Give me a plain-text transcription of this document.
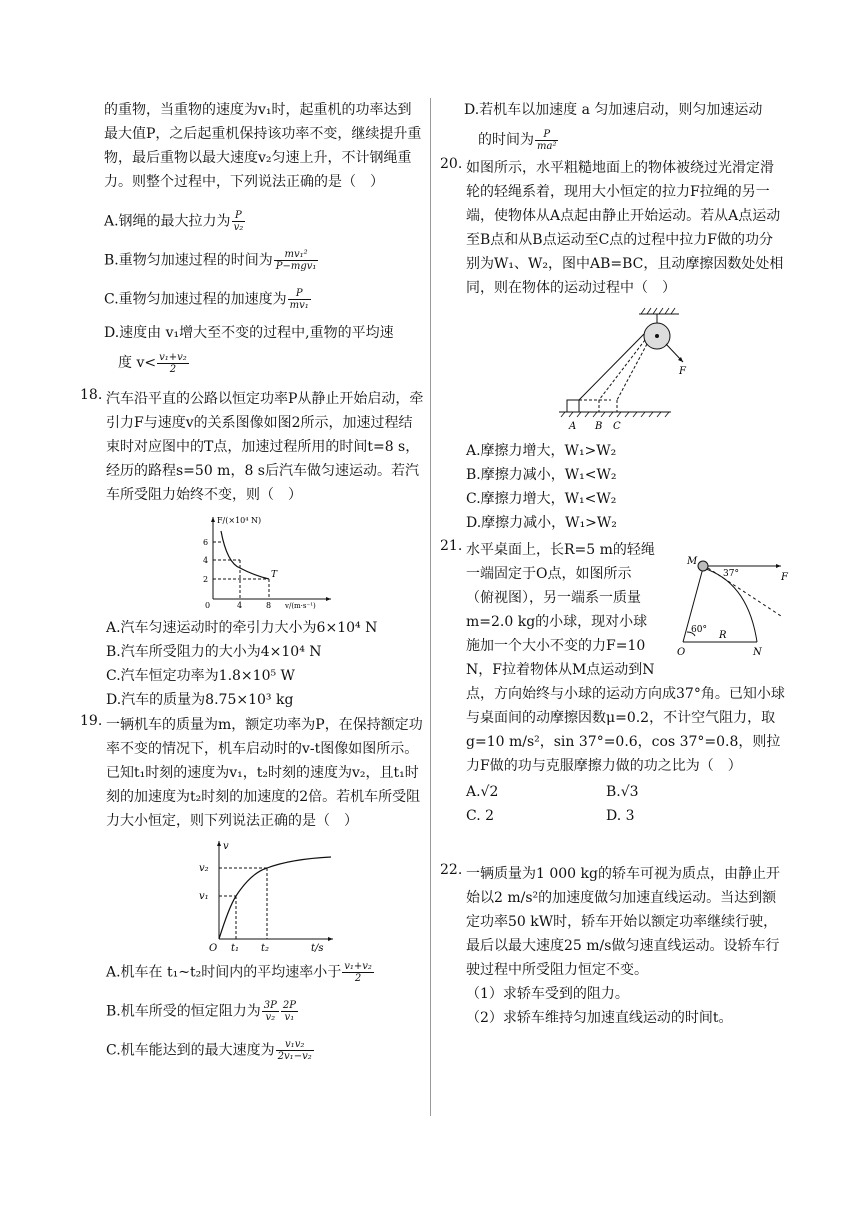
的重物，当重物的速度为v₁时，起重机的功率达到最大值P，之后起重机保持该功率不变，继续提升重物，最后重物以最大速度v₂匀速上升，不计钢绳重力。则整个过程中，下列说法正确的是（　）

A.钢绳的最大拉力为 $\frac{P}{\text{v₂}}$

B.重物匀加速过程的时间为 $\frac{\text{mv₁²}}{\text{P−mgv₁}}$

C.重物匀加速过程的加速度为 $\frac{P}{\text{mv₁}}$

D.速度由 v₁增大至不变的过程中,重物的平均速

度 $v< \frac{\text{v₁+v₂}}{2}$

18. 汽车沿平直的公路以恒定功率P从静止开始启动，牵引力F与速度v的关系图像如图2所示，加速过程结束时对应图中的T点，加速过程所用的时间t=8 s，经历的路程s=50 m，8 s后汽车做匀速运动。若汽车所受阻力始终不变，则（　）

F/(×10⁴ N)
v/(m·s⁻¹)
6
4
2
0	4	8
T

A.汽车匀速运动时的牵引力大小为6×10⁴ N

B.汽车所受阻力的大小为4×10⁴ N

C.汽车恒定功率为1.8×10⁵ W

D.汽车的质量为8.75×10³ kg

19. 一辆机车的质量为m，额定功率为P，在保持额定功率不变的情况下，机车启动时的v-t图像如图所示。已知t₁时刻的速度为v₁，t₂时刻的速度为v₂，且t₁时刻的加速度为t₂时刻的加速度的2倍。若机车所受阻力大小恒定，则下列说法正确的是（　）

v
t/s
O
v₂
v₁
t₁ t₂

A.机车在 t₁~t₂时间内的平均速率小于 $\frac{\text{v₁+v₂}}{2}$

B.机车所受的恒定阻力为 $\frac{3P}{\text{v₂}} \frac{2P}{\text{v₁}}$

C.机车能达到的最大速度为 $\frac{\text{v₁v₂}}{\text{2v₁−v₂}}$

D.若机车以加速度 a 匀加速启动，则匀加速运动

的时间为 $\frac{P}{\text{ma²}}$

20. 如图所示，水平粗糙地面上的物体被绕过光滑定滑轮的轻绳系着，现用大小恒定的拉力F拉绳的另一端，使物体从A点起由静止开始运动。若从A点运动至B点和从B点运动至C点的过程中拉力F做的功分别为W₁、W₂，图中AB=BC，且动摩擦因数处处相同，则在物体的运动过程中（　）

F
A B C

A.摩擦力增大，W₁>W₂

B.摩擦力减小，W₁<W₂

C.摩擦力增大，W₁<W₂

D.摩擦力减小，W₁>W₂

21.
M
F
37°
60° R
O	N

水平桌面上，长R=5 m的轻绳一端固定于O点，如图所示（俯视图），另一端系一质量m=2.0 kg的小球，现对小球施加一个大小不变的力F=10 N，F拉着物体从M点运动到N点，方向始终与小球的运动方向成37°角。已知小球与桌面间的动摩擦因数μ=0.2，不计空气阻力，取g=10 m/s²，sin 37°=0.6，cos 37°=0.8，则拉力F做的功与克服摩擦力做的功之比为（　）

A.√2	B.√3

C. 2	D. 3

22. 一辆质量为1 000 kg的轿车可视为质点，由静止开始以2 m/s²的加速度做匀加速直线运动。当达到额定功率50 kW时，轿车开始以额定功率继续行驶，最后以最大速度25 m/s做匀速直线运动。设轿车行驶过程中所受阻力恒定不变。

（1）求轿车受到的阻力。

（2）求轿车维持匀加速直线运动的时间t。
